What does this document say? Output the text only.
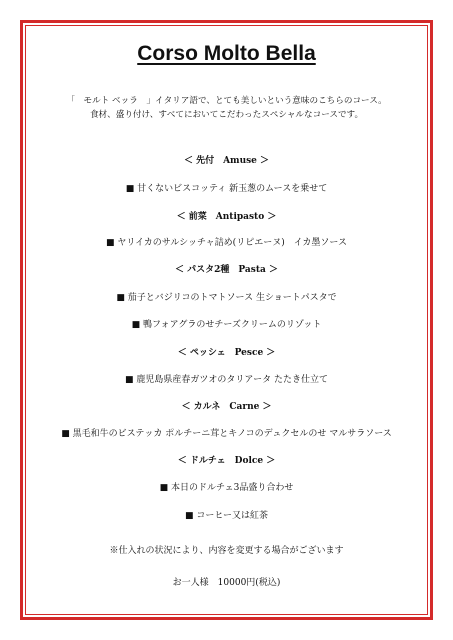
Corso Molto Bella
「　モルト ベッラ　」イタリア語で、とても美しいという意味のこちらのコース。
食材、盛り付け、すべてにおいてこだわったスペシャルなコースです。
＜ 先付　Amuse ＞
■ 甘くないビスコッティ 新玉葱のムースを乗せて
＜ 前菜　Antipasto ＞
■ ヤリイカのサルシッチャ詰め(リピエーヌ)　イカ墨ソース
＜ パスタ2種　Pasta ＞
■ 茄子とバジリコのトマトソース 生ショートパスタで
■ 鴨フォアグラのせチーズクリームのリゾット
＜ ペッシェ　Pesce ＞
■ 鹿児島県産春ガツオのタリアータ たたき仕立て
＜ カルネ　Carne ＞
■ 黒毛和牛のビステッカ ポルチーニ茸とキノコのデュクセルのせ マルサラソース
＜ ドルチェ　Dolce ＞
■ 本日のドルチェ3品盛り合わせ
■ コーヒー又は紅茶
※仕入れの状況により、内容を変更する場合がございます
お一人様　10000円(税込)
